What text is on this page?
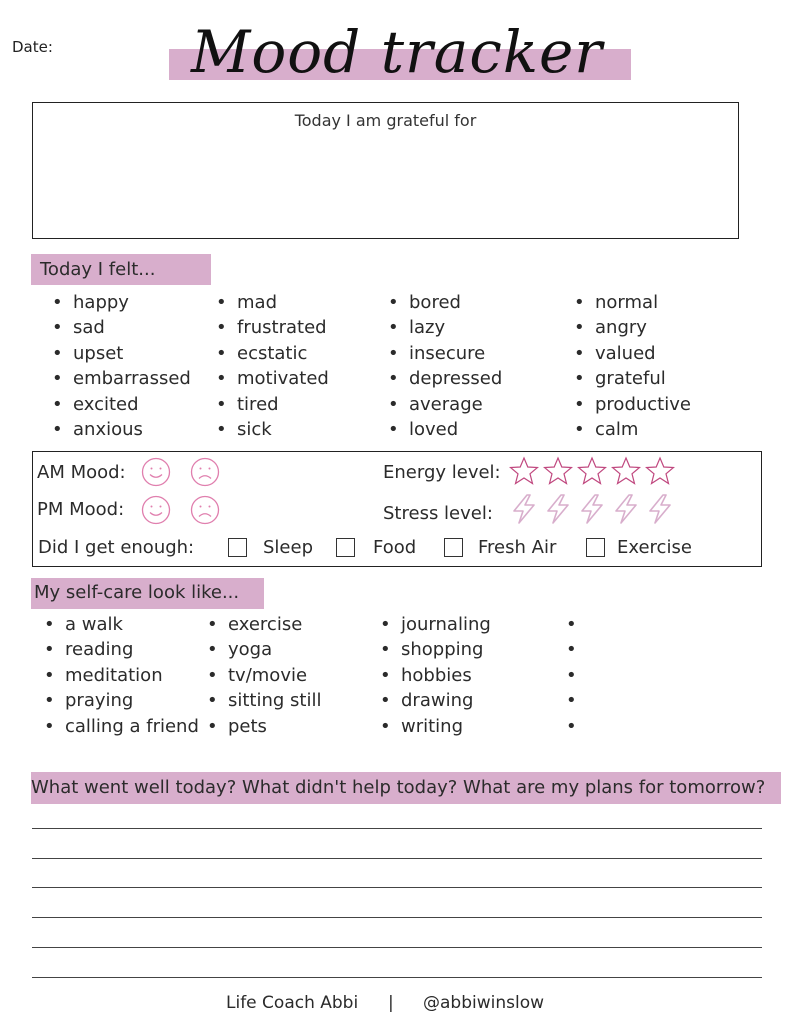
Date:	Mood tracker
Today I am grateful for
Today I felt...
• happy
• sad
• upset
• embarrassed
• excited
• anxious
• mad
• frustrated
• ecstatic
• motivated
• tired
• sick
• bored
• lazy
• insecure
• depressed
• average
• loved
• normal
• angry
• valued
• grateful
• productive
• calm
AM Mood:
PM Mood:
Energy level:
Stress level:
Did I get enough:	Sleep	Food	Fresh Air	Exercise
My self-care look like...
• a walk
• reading
• meditation
• praying
• calling a friend
• exercise
• yoga
• tv/movie
• sitting still
• pets
• journaling
• shopping
• hobbies
• drawing
• writing
•
•
•
•
•
What went well today? What didn't help today? What are my plans for tomorrow?
Life Coach Abbi | @abbiwinslow
